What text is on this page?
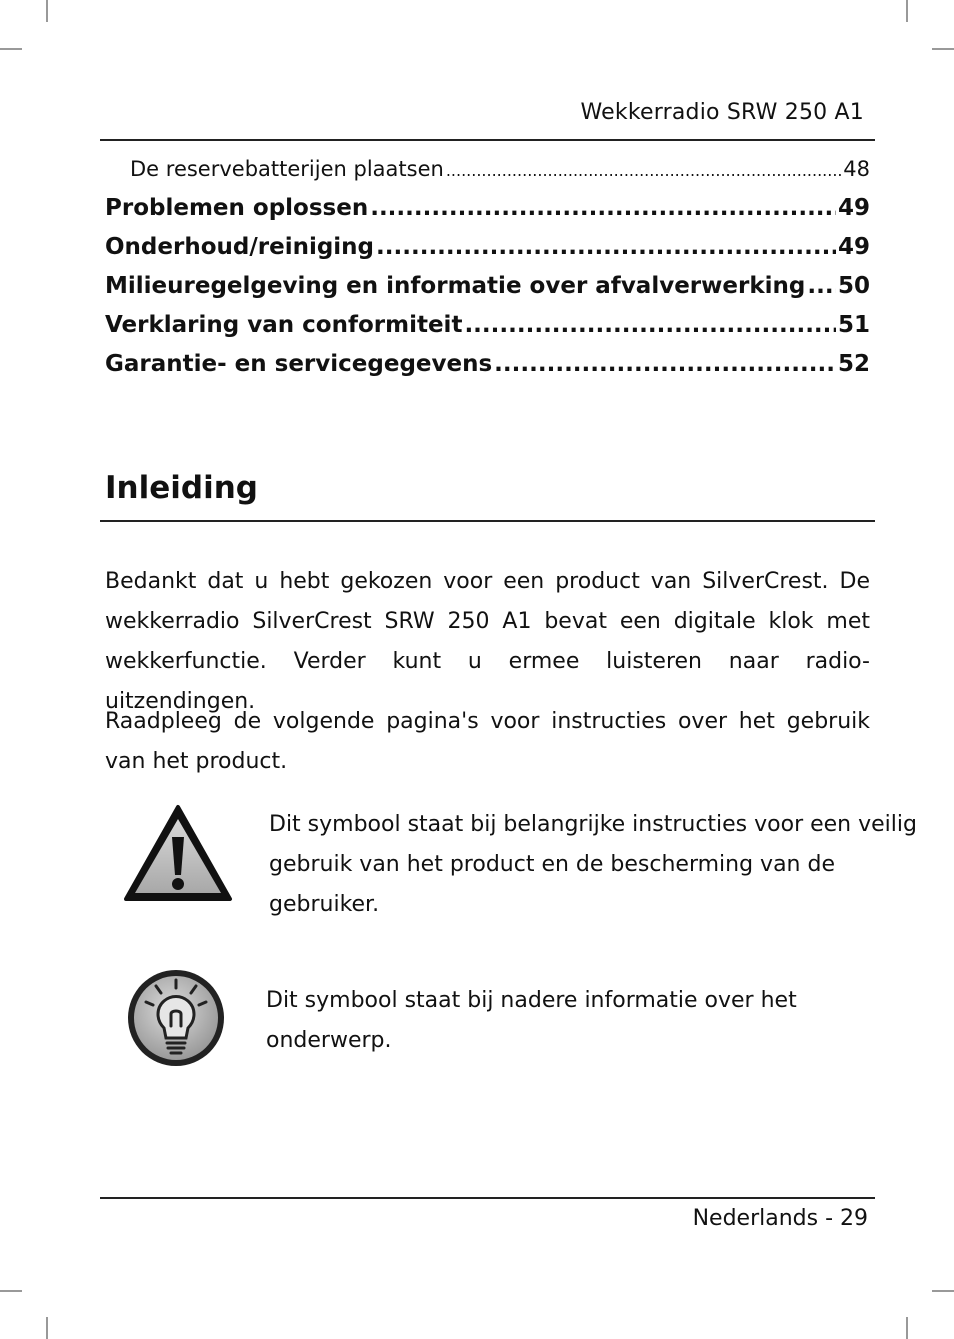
Wekkerradio SRW 250 A1
De reservebatterijen plaatsen .....	48
Problemen oplossen .....	49
Onderhoud/reiniging .....	49
Milieuregelgeving en informatie over afvalverwerking ..... 50
Verklaring van conformiteit .....	51
Garantie- en servicegegevens .....	52
Inleiding

Bedankt dat u hebt gekozen voor een product van SilverCrest. De wekkerradio SilverCrest SRW 250 A1 bevat een digitale klok met wekkerfunctie. Verder kunt u ermee luisteren naar radio-uitzendingen.

Raadpleeg de volgende pagina's voor instructies over het gebruik van het product.

Dit symbool staat bij belangrijke instructies voor een veilig
gebruik van het product en de bescherming van de
gebruiker.
Dit symbool staat bij nadere informatie over het
onderwerp.
Nederlands - 29
